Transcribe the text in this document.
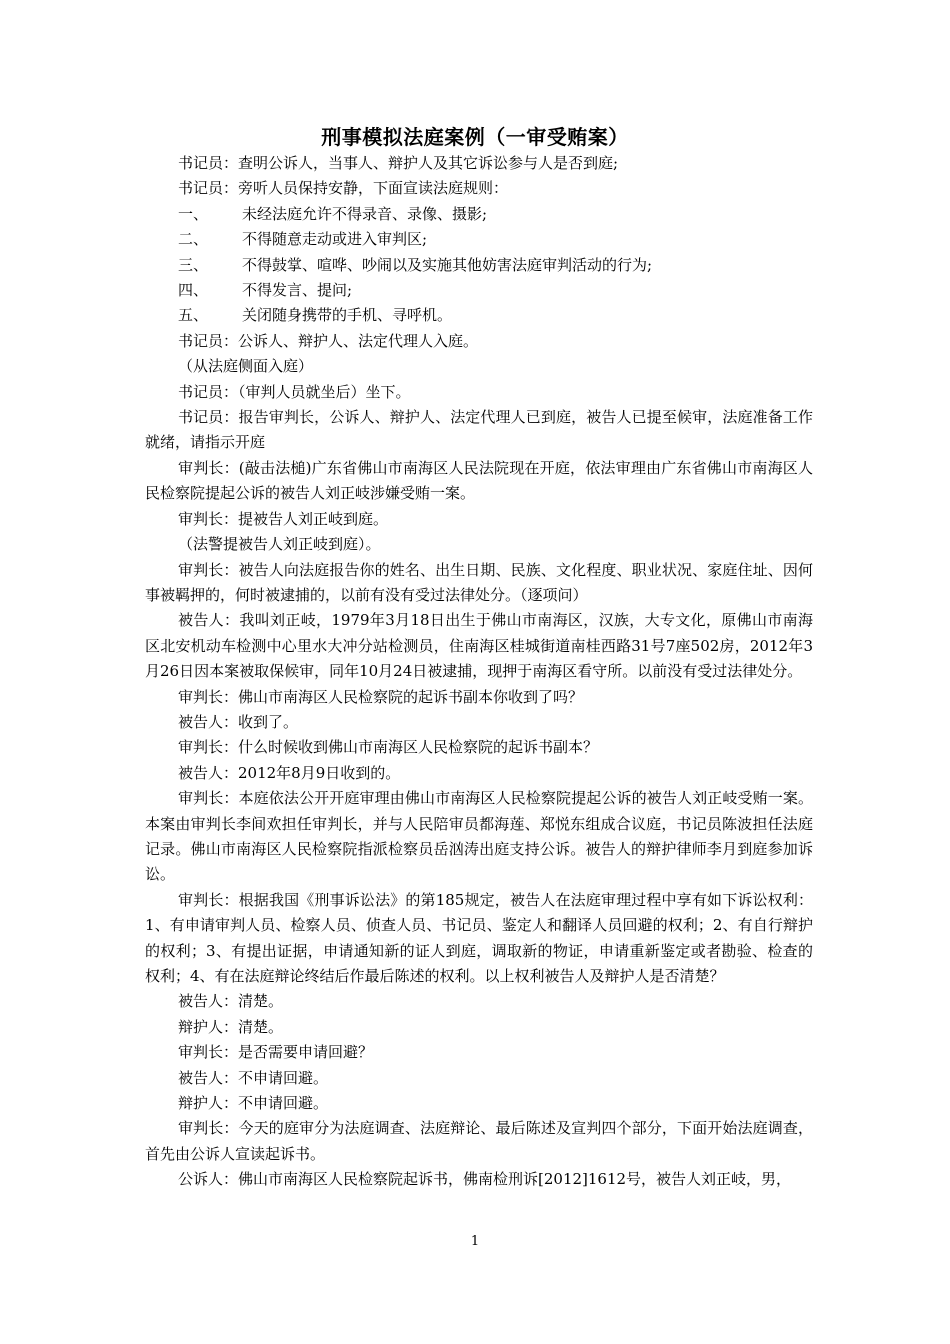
刑事模拟法庭案例（一审受贿案）

书记员：查明公诉人，当事人、辩护人及其它诉讼参与人是否到庭;

书记员：旁听人员保持安静，下面宣读法庭规则：

一、	未经法庭允许不得录音、录像、摄影;
二、	不得随意走动或进入审判区;
三、	不得鼓掌、喧哗、吵闹以及实施其他妨害法庭审判活动的行为;
四、	不得发言、提问;
五、	关闭随身携带的手机、寻呼机。

书记员：公诉人、辩护人、法定代理人入庭。

（从法庭侧面入庭）

书记员：（审判人员就坐后）坐下。

书记员：报告审判长，公诉人、辩护人、法定代理人已到庭，被告人已提至候审，法庭准备工作就绪，请指示开庭

审判长：(敲击法槌)广东省佛山市南海区人民法院现在开庭，依法审理由广东省佛山市南海区人民检察院提起公诉的被告人刘正岐涉嫌受贿一案。

审判长：提被告人刘正岐到庭。

（法警提被告人刘正岐到庭）。

审判长：被告人向法庭报告你的姓名、出生日期、民族、文化程度、职业状况、家庭住址、因何事被羁押的，何时被逮捕的，以前有没有受过法律处分。（逐项问）

被告人：我叫刘正岐，1979年3月18日出生于佛山市南海区，汉族，大专文化，原佛山市南海区北安机动车检测中心里水大冲分站检测员，住南海区桂城街道南桂西路31号7座502房，2012年3月26日因本案被取保候审，同年10月24日被逮捕，现押于南海区看守所。以前没有受过法律处分。

审判长：佛山市南海区人民检察院的起诉书副本你收到了吗？

被告人：收到了。

审判长：什么时候收到佛山市南海区人民检察院的起诉书副本？

被告人：2012年8月9日收到的。

审判长：本庭依法公开开庭审理由佛山市南海区人民检察院提起公诉的被告人刘正岐受贿一案。本案由审判长李间欢担任审判长，并与人民陪审员都海莲、郑悦东组成合议庭，书记员陈波担任法庭记录。佛山市南海区人民检察院指派检察员岳汹涛出庭支持公诉。被告人的辩护律师李月到庭参加诉讼。

审判长：根据我国《刑事诉讼法》的第185规定，被告人在法庭审理过程中享有如下诉讼权利：1、有申请审判人员、检察人员、侦查人员、书记员、鉴定人和翻译人员回避的权利；2、有自行辩护的权利；3、有提出证据，申请通知新的证人到庭，调取新的物证，申请重新鉴定或者勘验、检查的权利；4、有在法庭辩论终结后作最后陈述的权利。以上权利被告人及辩护人是否清楚？

被告人：清楚。

辩护人：清楚。

审判长：是否需要申请回避？

被告人：不申请回避。

辩护人：不申请回避。

审判长：今天的庭审分为法庭调查、法庭辩论、最后陈述及宣判四个部分，下面开始法庭调查，首先由公诉人宣读起诉书。

公诉人：佛山市南海区人民检察院起诉书，佛南检刑诉[2012]1612号，被告人刘正岐，男，

1
